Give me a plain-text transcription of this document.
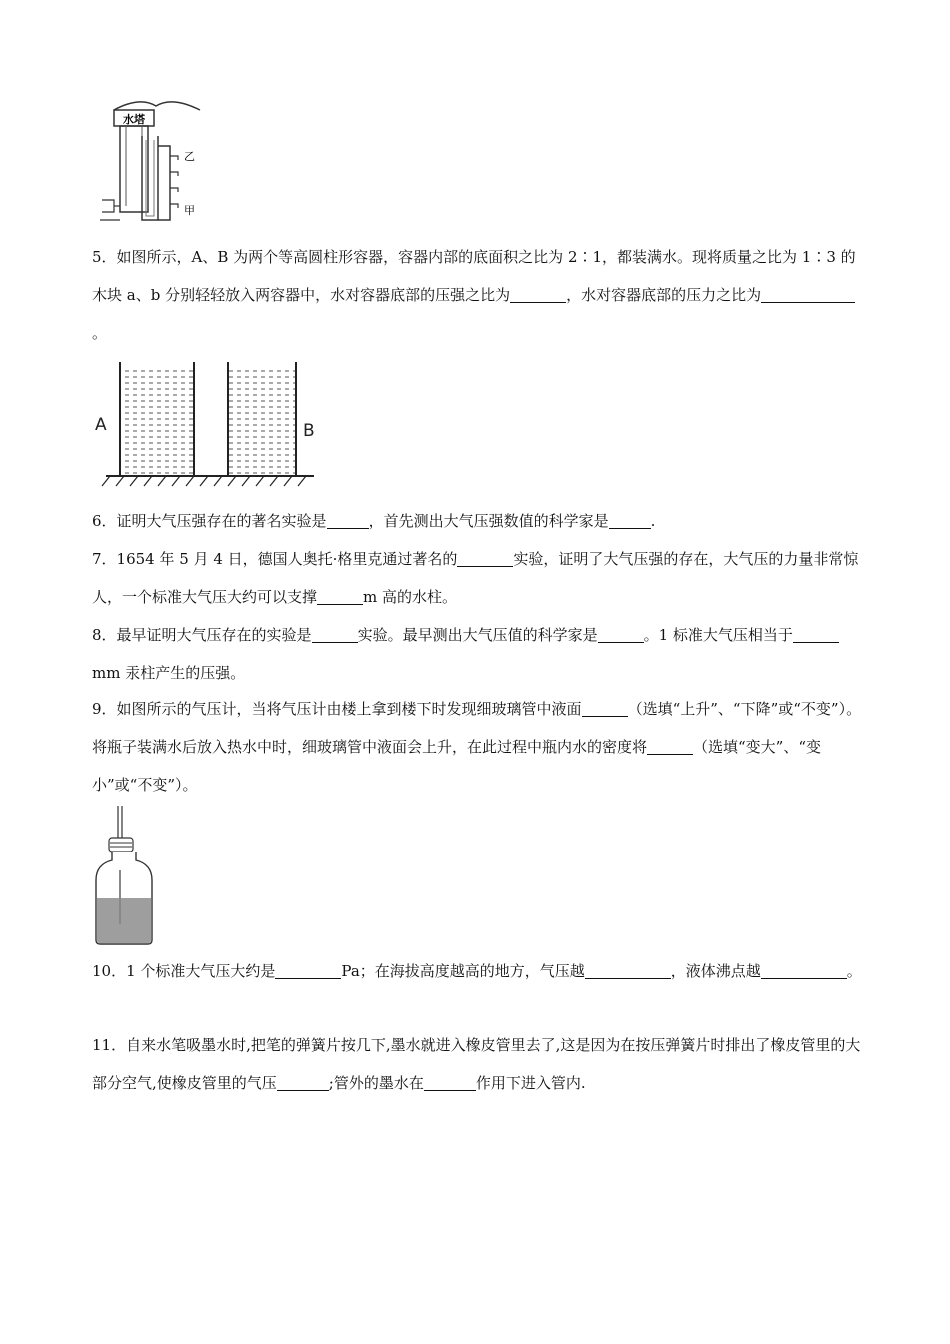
水塔
乙
甲

5．如图所示，A、B 为两个等高圆柱形容器，容器内部的底面积之比为 2∶1，都装满水。现将质量之比为 1∶3 的木块 a、b 分别轻轻放入两容器中，水对容器底部的压强之比为	，水对容器底部的压力之比为。

A	B

6．证明大气压强存在的著名实验是	，首先测出大气压强数值的科学家是	.

7．1654 年 5 月 4 日，德国人奥托·格里克通过著名的	实验，证明了大气压强的存在，大气压的力量非常惊人，一个标准大气压大约可以支撑	m 高的水柱。

8．最早证明大气压存在的实验是	实验。最早测出大气压值的科学家是	。1 标准大气压相当于mm 汞柱产生的压强。

9．如图所示的气压计，当将气压计由楼上拿到楼下时发现细玻璃管中液面	（选填“上升”、“下降”或“不变”）。将瓶子装满水后放入热水中时，细玻璃管中液面会上升，在此过程中瓶内水的密度将	（选填“变大”、“变小”或“不变”）。

10．1 个标准大气压大约是	Pa；在海拔高度越高的地方，气压越	，液体沸点越	。

11．自来水笔吸墨水时,把笔的弹簧片按几下,墨水就进入橡皮管里去了,这是因为在按压弹簧片时排出了橡皮管里的大部分空气,使橡皮管里的气压	;管外的墨水在	作用下进入管内.
